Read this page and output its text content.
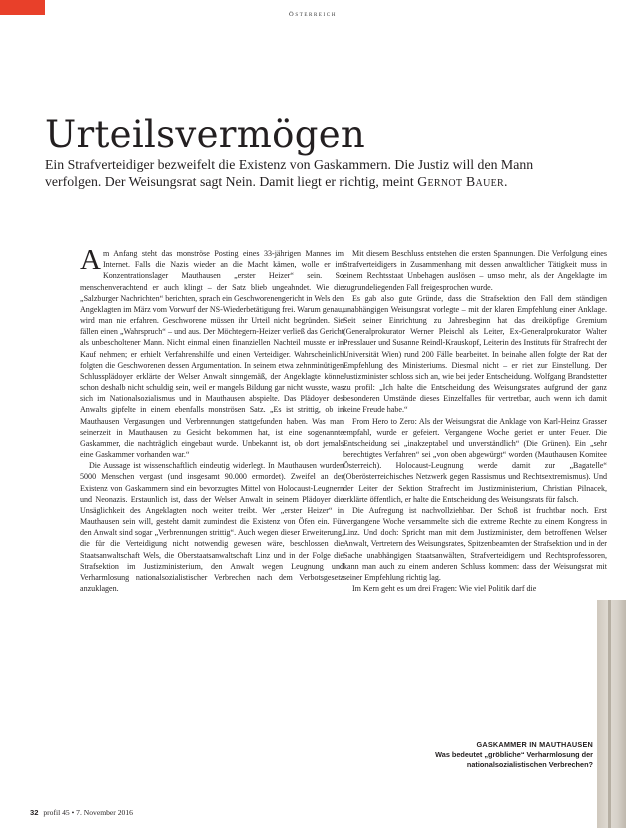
Österreich
Urteilsvermögen
Ein Strafverteidiger bezweifelt die Existenz von Gaskammern. Die Justiz will den Mann verfolgen. Der Weisungsrat sagt Nein. Damit liegt er richtig, meint Gernot Bauer.

Am Anfang steht das monströse Posting eines 33-jährigen Mannes im Internet. Falls die Nazis wieder an die Macht kämen, wolle er im Konzentrationslager Mauthausen „erster Heizer“ sein. So menschenverachtend er auch klingt – der Satz blieb ungeahndet. Wie die „Salzburger Nachrichten“ berichten, sprach ein Geschworenengericht in Wels den Angeklagten im März vom Vorwurf der NS-Wiederbetätigung frei. Warum genau, wird man nie erfahren. Geschworene müssen ihr Urteil nicht begründen. Sie fällen einen „Wahrspruch“ – und aus. Der Möchtegern-Heizer verließ das Gericht als unbescholtener Mann. Nicht einmal einen finanziellen Nachteil musste er in Kauf nehmen; er erhielt Verfahrenshilfe und einen Verteidiger. Wahrscheinlich folgten die Geschworenen dessen Argumentation. In seinem etwa zehnminütigen Schlussplädoyer erklärte der Welser Anwalt sinngemäß, der Angeklagte könne schon deshalb nicht schuldig sein, weil er mangels Bildung gar nicht wusste, was sich im Nationalsozialismus und in Mauthausen abspielte. Das Plädoyer des Anwalts gipfelte in einem ebenfalls monströsen Satz. „Es ist strittig, ob in Mauthausen Vergasungen und Verbrennungen stattgefunden haben. Was man seinerzeit in Mauthausen zu Gesicht bekommen hat, ist eine sogenannte Gaskammer, die nachträglich eingebaut wurde. Unbekannt ist, ob dort jemals eine Gaskammer vorhanden war.“

Die Aussage ist wissenschaftlich eindeutig widerlegt. In Mauthausen wurden 5000 Menschen vergast (und insgesamt 90.000 ermordet). Zweifel an der Existenz von Gaskammern sind ein bevorzugtes Mittel von Holocaust-Leugnern und Neonazis. Erstaunlich ist, dass der Welser Anwalt in seinem Plädoyer die Unsäglichkeit des Angeklagten noch weiter treibt. Wer „erster Heizer“ in Mauthausen sein will, gesteht damit zumindest die Existenz von Öfen ein. Für den Anwalt sind sogar „Verbrennungen strittig“. Auch wegen dieser Erweiterung, die für die Verteidigung nicht notwendig gewesen wäre, beschlossen die Staatsanwaltschaft Wels, die Oberstaatsanwaltschaft Linz und in der Folge die Strafsektion im Justizministerium, den Anwalt wegen Leugnung und Verharmlosung nationalsozialistischer Verbrechen nach dem Verbotsgesetz anzuklagen.

Mit diesem Beschluss entstehen die ersten Spannungen. Die Verfolgung eines Strafverteidigers in Zusammenhang mit dessen anwaltlicher Tätigkeit muss in einem Rechtsstaat Unbehagen auslösen – umso mehr, als der Angeklagte im zugrundeliegenden Fall freigesprochen wurde.

Es gab also gute Gründe, dass die Strafsektion den Fall dem ständigen unabhängigen Weisungsrat vorlegte – mit der klaren Empfehlung einer Anklage. Seit seiner Einrichtung zu Jahresbeginn hat das dreiköpfige Gremium (Generalprokurator Werner Pleischl als Leiter, Ex-Generalprokurator Walter Presslauer und Susanne Reindl-Krauskopf, Leiterin des Instituts für Strafrecht der Universität Wien) rund 200 Fälle bearbeitet. In beinahe allen folgte der Rat der Empfehlung des Ministeriums. Diesmal nicht – er riet zur Einstellung. Der Justizminister schloss sich an, wie bei jeder Entscheidung. Wolfgang Brandstetter zu profil: „Ich halte die Entscheidung des Weisungsrates aufgrund der ganz besonderen Umstände dieses Einzelfalles für vertretbar, auch wenn ich damit keine Freude habe.“

From Hero to Zero: Als der Weisungsrat die Anklage von Karl-Heinz Grasser empfahl, wurde er gefeiert. Vergangene Woche geriet er unter Feuer. Die Entscheidung sei „inakzeptabel und unverständlich“ (Die Grünen). Ein „sehr berechtigtes Verfahren“ sei „von oben abgewürgt“ worden (Mauthausen Komitee Österreich). Holocaust-Leugnung werde damit zur „Bagatelle“ (Oberösterreichisches Netzwerk gegen Rassismus und Rechtsextremismus). Und der Leiter der Sektion Strafrecht im Justizministerium, Christian Pilnacek, erklärte öffentlich, er halte die Entscheidung des Weisungsrats für falsch.

Die Aufregung ist nachvollziehbar. Der Schoß ist fruchtbar noch. Erst vergangene Woche versammelte sich die extreme Rechte zu einem Kongress in Linz. Und doch: Spricht man mit dem Justizminister, dem betroffenen Welser Anwalt, Vertretern des Weisungsrates, Spitzenbeamten der Strafsektion und in der Sache unabhängigen Staatsanwälten, Strafverteidigern und Rechtsprofessoren, kann man auch zu einem anderen Schluss kommen: dass der Weisungsrat mit seiner Empfehlung richtig lag.

Im Kern geht es um drei Fragen: Wie viel Politik darf die

GASKAMMER IN MAUTHAUSEN
Was bedeutet „gröbliche“ Verharmlosung der nationalsozialistischen Verbrechen?
32 profil 45 • 7. November 2016
